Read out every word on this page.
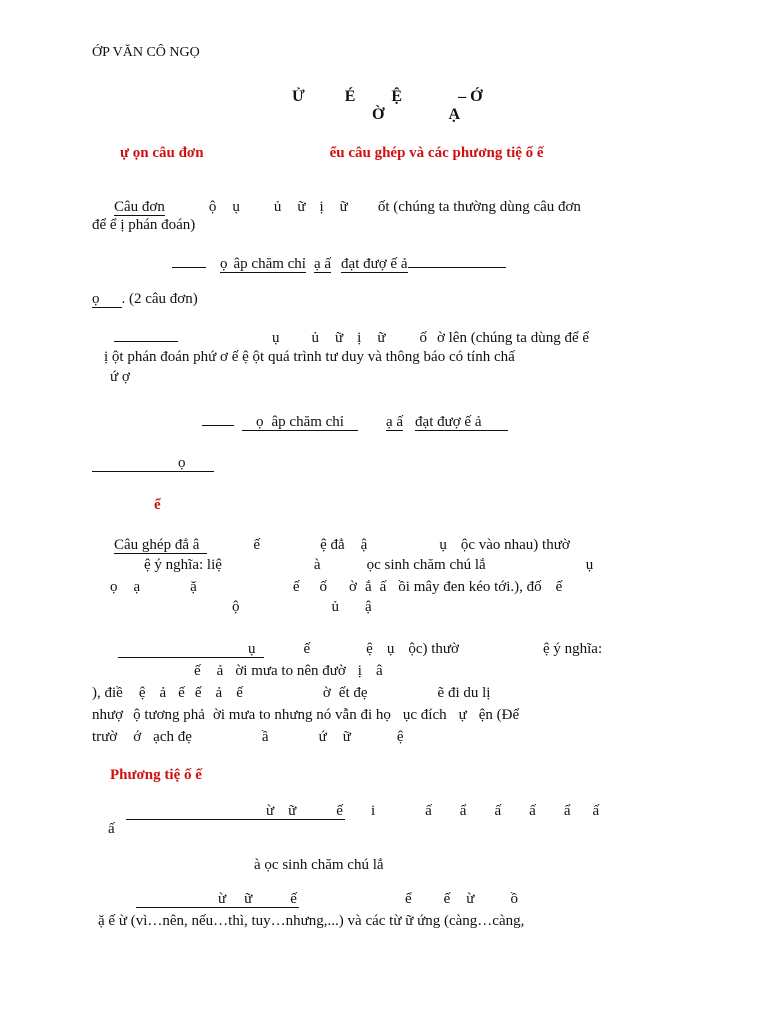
ỚP VĂN CÔ NGỌ
Ử	É Ệ	– Ớ
Ờ	Ạ
ự ọn câu đơn	ểu câu ghép và các phương tiệ ố ế
Câu đơn	ộ ụ ủ ữ ị ữ ốt (chúng ta thường dùng câu đơn
để ể ị phán đoán)
ọ âp chăm chỉ ạ ấ đạt đượ ế ả
ọ . (2 câu đơn)
ụ ủ ữ ị ữ ố ờ lên (chúng ta dùng để ể
ị ột phán đoán phứ ơ ế ệ ột quá trình tư duy và thông báo có tính chấ
ứ ợ
ọ âp chăm chỉ	ạ ấ đạt đượ ế ả
ọ
ể
Câu ghép đẳ â	ế	ệ đẳ ậ	ụ ộc vào nhau) thườ
ệ ý nghĩa: liệ	à	ọc sinh chăm chú lắ	ụ
ọ ạ	ặ	ế ố ờ ắ ấ ồi mây đen kéo tới.), đố ế
ộ	ủ ậ
ụ	ế	ệ ụ ộc) thườ	ệ ý nghĩa:
ế ả ời mưa to nên đườ ị â
), điề ệ ả ế ế ả ế	ờ ết đẹ	ẽ đi du lị
nhượ ộ tương phả ời mưa to nhưng nó vẫn đi họ ục đích ự ện (Để
trườ ớ ạch đẹ	ầ	ứ ữ	ệ
Phương tiệ ố ế
ừ ữ	ế i	ấ ẩ ấ ấ ẩ ấ
ấ
à ọc sinh chăm chú lắ
ừ ữ	ế	ể ế ừ ồ
ặ ế ừ (vì…nên, nếu…thì, tuy…nhưng,...) và các từ ữ ứng (càng…càng,
